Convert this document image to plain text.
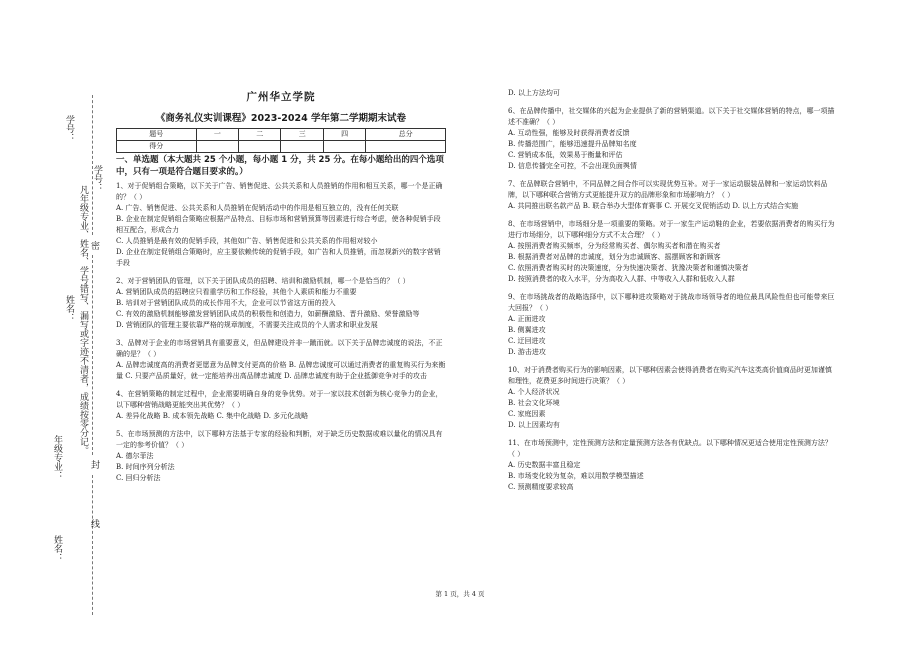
姓名：
年级专业：
学号：
姓名：
学号：
凡年级专业、姓名、学号错写、漏写或字迹不清者，成绩按零分记。 密
封
线
广州华立学院
《商务礼仪实训课程》2023-2024 学年第二学期期末试卷
题号	一	二	三	四	总分
得分					
一、单选题（本大题共 25 个小题，每小题 1 分，共 25 分。在每小题给出的四个选项中，只有一项是符合题目要求的。）

1、对于促销组合策略，以下关于广告、销售促进、公共关系和人员推销的作用和相互关系，哪一个是正确的？（ ）

A. 广告、销售促进、公共关系和人员推销在促销活动中的作用是相互独立的，没有任何关联

B. 企业在制定促销组合策略应根据产品特点、目标市场和营销预算等因素进行综合考虑，使各种促销手段相互配合，形成合力

C. 人员推销是最有效的促销手段，其他如广告、销售促进和公共关系的作用相对较小

D. 企业在制定促销组合策略时，应主要依赖传统的促销手段，如广告和人员推销，而忽视新兴的数字营销手段

2、对于营销团队的管理，以下关于团队成员的招聘、培训和激励机制，哪一个是恰当的？（ ）

A. 营销团队成员的招聘应只看重学历和工作经验，其他个人素质和能力不重要

B. 培训对于营销团队成员的成长作用不大，企业可以节省这方面的投入

C. 有效的激励机制能够激发营销团队成员的积极性和创造力，如薪酬激励、晋升激励、荣誉激励等

D. 营销团队的管理主要依靠严格的规章制度，不需要关注成员的个人需求和职业发展

3、品牌对于企业的市场营销具有重要意义，但品牌建设并非一蹴而就。以下关于品牌忠诚度的说法，不正确的是？（ ）

A. 品牌忠诚度高的消费者更愿意为品牌支付更高的价格 B. 品牌忠诚度可以通过消费者的重复购买行为来衡量 C. 只要产品质量好，就一定能培养出高品牌忠诚度 D. 品牌忠诚度有助于企业抵御竞争对手的攻击

4、在营销策略的制定过程中，企业需要明确自身的竞争优势。对于一家以技术创新为核心竞争力的企业，以下哪种营销战略更能突出其优势？（ ）

A. 差异化战略 B. 成本领先战略 C. 集中化战略 D. 多元化战略

5、在市场预测的方法中，以下哪种方法基于专家的经验和判断，对于缺乏历史数据或难以量化的情况具有一定的参考价值？（ ）

A. 德尔菲法

B. 时间序列分析法

C. 回归分析法

D. 以上方法均可

6、在品牌传播中，社交媒体的兴起为企业提供了新的营销渠道。以下关于社交媒体营销的特点，哪一项描述不准确？（ ）

A. 互动性强，能够及时获得消费者反馈

B. 传播范围广，能够迅速提升品牌知名度

C. 营销成本低，效果易于衡量和评估

D. 信息传播完全可控，不会出现负面舆情

7、在品牌联合营销中，不同品牌之间合作可以实现优势互补。对于一家运动服装品牌和一家运动饮料品牌，以下哪种联合营销方式更能提升双方的品牌形象和市场影响力？（ ）

A. 共同推出联名款产品 B. 联合举办大型体育赛事 C. 开展交叉促销活动 D. 以上方式结合实施

8、在市场营销中，市场细分是一项重要的策略。对于一家生产运动鞋的企业，若要依据消费者的购买行为进行市场细分，以下哪种细分方式不太合理？（ ）

A. 按照消费者购买频率，分为经常购买者、偶尔购买者和潜在购买者

B. 根据消费者对品牌的忠诚度，划分为忠诚顾客、摇摆顾客和新顾客

C. 依照消费者购买时的决策速度，分为快速决策者、犹豫决策者和谨慎决策者

D. 按照消费者的收入水平，分为高收入人群、中等收入人群和低收入人群

9、在市场挑战者的战略选择中，以下哪种进攻策略对于挑战市场领导者的地位最具风险性但也可能带来巨大回报？（ ）

A. 正面进攻

B. 侧翼进攻

C. 迂回进攻

D. 游击进攻

10、对于消费者购买行为的影响因素，以下哪种因素会使得消费者在购买汽车这类高价值商品时更加谨慎和理性，花费更多时间进行决策？（ ）

A. 个人经济状况

B. 社会文化环境

C. 家庭因素

D. 以上因素均有

11、在市场预测中，定性预测方法和定量预测方法各有优缺点。以下哪种情况更适合使用定性预测方法？（ ）

A. 历史数据丰富且稳定

B. 市场变化较为复杂，难以用数学模型描述

C. 预测精度要求较高

第 1 页，共 4 页
